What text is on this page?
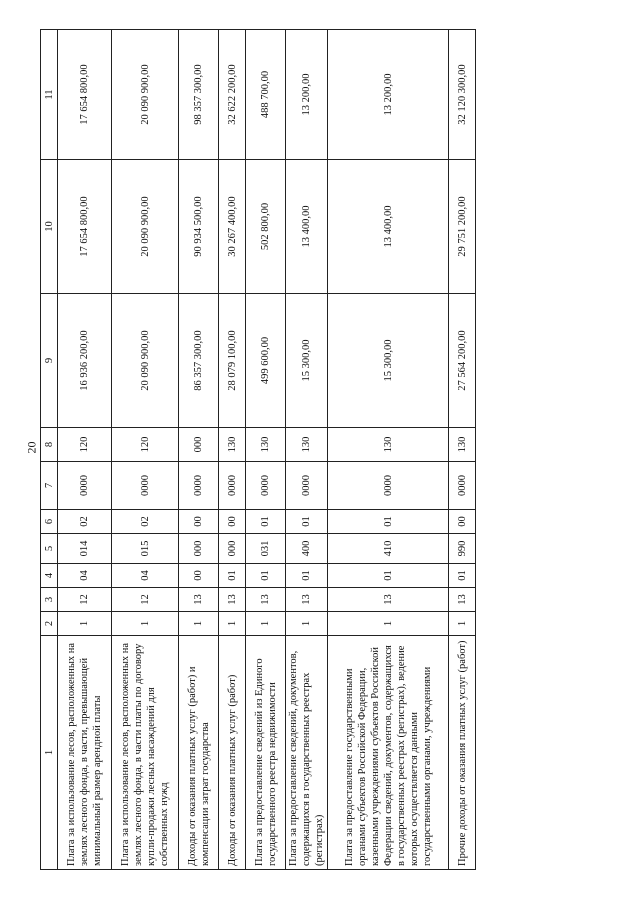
20
1	2	3	4	5	6	7	8	9	10	11
Плата за использование лесов, расположенных на землях лесного фонда, в части, превышающей минимальный размер арендной платы	1	12	04	014	02	0000	120	16 936 200,00	17 654 800,00	17 654 800,00
Плата за использование лесов, расположенных на землях лесного фонда, в части платы по договору купли-продажи лесных насаждений для собственных нужд	1	12	04	015	02	0000	120	20 090 900,00	20 090 900,00	20 090 900,00
Доходы от оказания платных услуг (работ) и компенсации затрат государства	1	13	00	000	00	0000	000	86 357 300,00	90 934 500,00	98 357 300,00
Доходы от оказания платных услуг (работ)	1	13	01	000	00	0000	130	28 079 100,00	30 267 400,00	32 622 200,00
Плата за предоставление сведений из Единого государственного реестра недвижимости	1	13	01	031	01	0000	130	499 600,00	502 800,00	488 700,00
Плата за предоставление сведений, документов, содержащихся в государственных реестрах (регистрах)	1	13	01	400	01	0000	130	15 300,00	13 400,00	13 200,00
Плата за предоставление государственными органами субъектов Российской Федерации, казенными учреждениями субъектов Российской Федерации сведений, документов, содержащихся в государственных реестрах (регистрах), ведение которых осуществляется данными государственными органами, учреждениями	1	13	01	410	01	0000	130	15 300,00	13 400,00	13 200,00
Прочие доходы от оказания платных услуг (работ)	1	13	01	990	00	0000	130	27 564 200,00	29 751 200,00	32 120 300,00
